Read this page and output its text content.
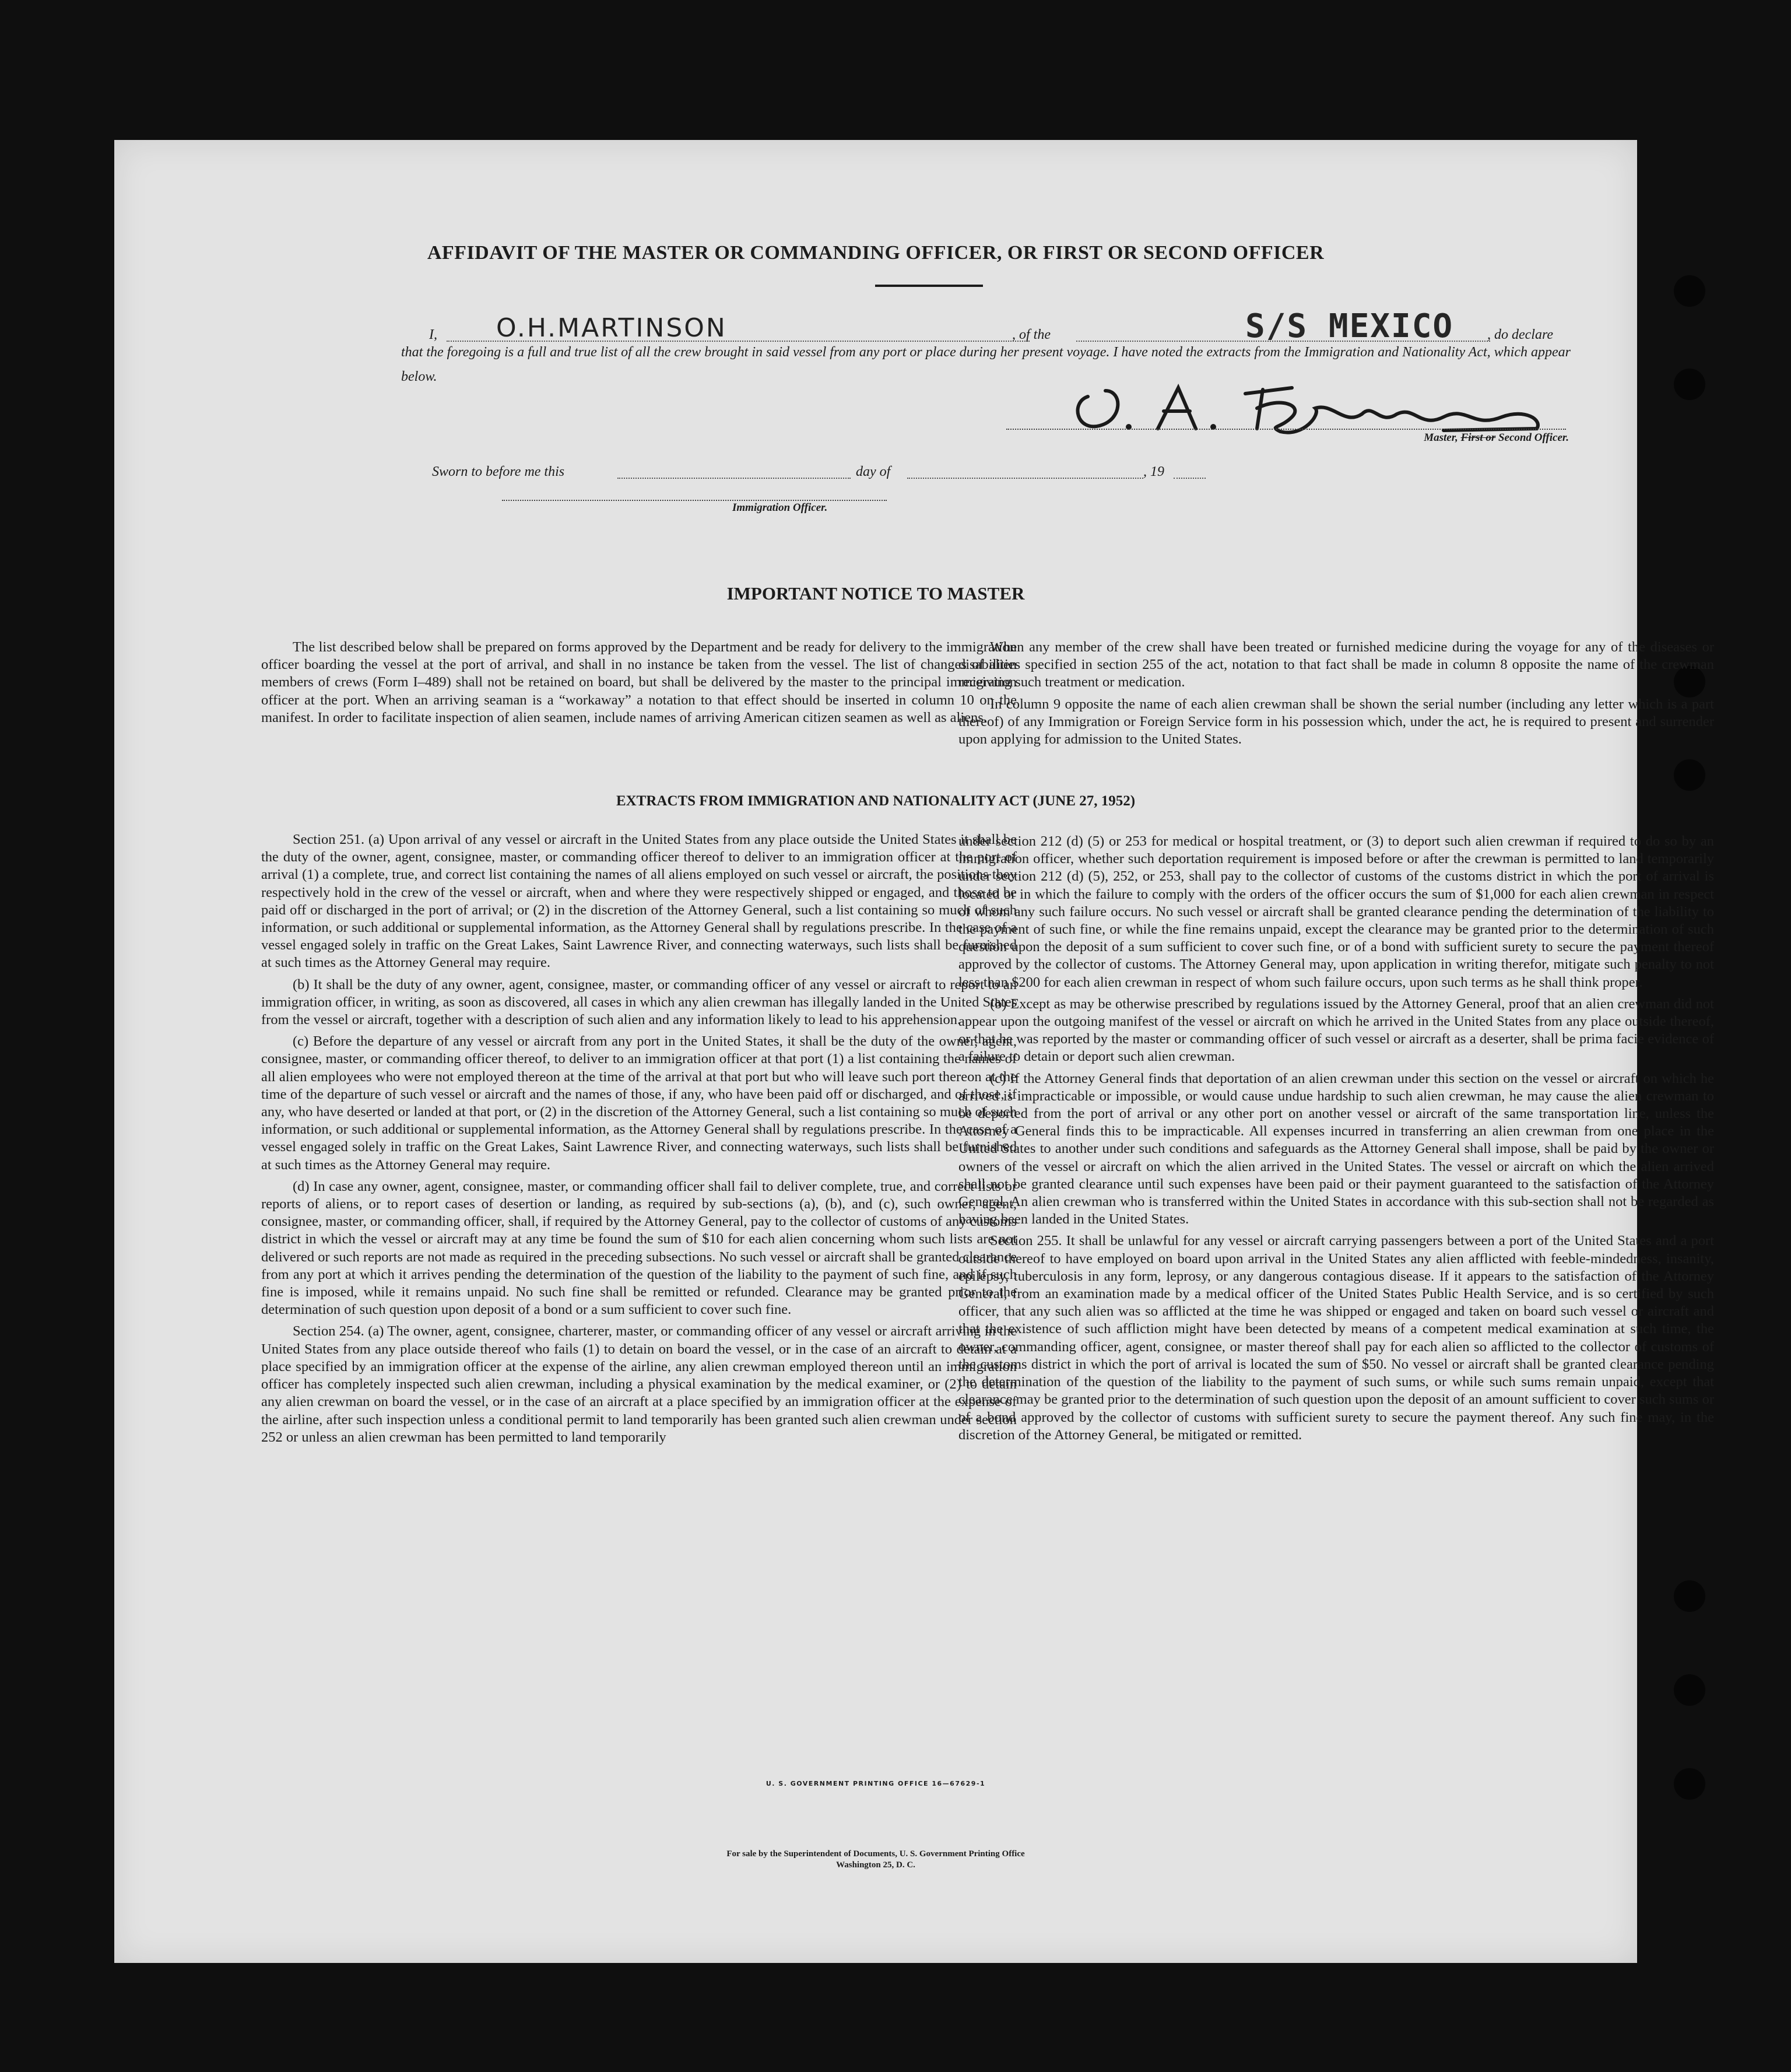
AFFIDAVIT OF THE MASTER OR COMMANDING OFFICER, OR FIRST OR SECOND OFFICER
I, O.H.MARTINSON	, of the	S/S MEXICO , do declare
that the foregoing is a full and true list of all the crew brought in said vessel from any port or place during her present voyage. I have noted the extracts from the Immigration and Nationality Act, which appear below.
Master, First or Second Officer.
Sworn to before me this	day of	, 19
Immigration Officer.
IMPORTANT NOTICE TO MASTER

The list described below shall be prepared on forms approved by the Department and be ready for delivery to the immigration officer boarding the vessel at the port of arrival, and shall in no instance be taken from the vessel. The list of changes of alien members of crews (Form I–489) shall not be retained on board, but shall be delivered by the master to the principal immigration officer at the port. When an arriving seaman is a “workaway” a notation to that effect should be inserted in column 10 on the manifest. In order to facilitate inspection of alien seamen, include names of arriving American citizen seamen as well as aliens.

EXTRACTS FROM IMMIGRATION AND NATIONALITY ACT (JUNE 27, 1952)

Section 251. (a) Upon arrival of any vessel or aircraft in the United States from any place outside the United States it shall be the duty of the owner, agent, consignee, master, or commanding officer thereof to deliver to an immigration officer at the port of arrival (1) a complete, true, and correct list containing the names of all aliens employed on such vessel or aircraft, the positions they respectively hold in the crew of the vessel or aircraft, when and where they were respectively shipped or engaged, and those to be paid off or discharged in the port of arrival; or (2) in the discretion of the Attorney General, such a list containing so much of such information, or such additional or supplemental information, as the Attorney General shall by regulations prescribe. In the case of a vessel engaged solely in traffic on the Great Lakes, Saint Lawrence River, and connecting waterways, such lists shall be furnished at such times as the Attorney General may require.

(b) It shall be the duty of any owner, agent, consignee, master, or commanding officer of any vessel or aircraft to report to an immigration officer, in writing, as soon as discovered, all cases in which any alien crewman has illegally landed in the United States from the vessel or aircraft, together with a description of such alien and any information likely to lead to his apprehension.

(c) Before the departure of any vessel or aircraft from any port in the United States, it shall be the duty of the owner, agent, consignee, master, or commanding officer thereof, to deliver to an immigration officer at that port (1) a list containing the names of all alien employees who were not employed thereon at the time of the arrival at that port but who will leave such port thereon at the time of the departure of such vessel or aircraft and the names of those, if any, who have been paid off or discharged, and of those, if any, who have deserted or landed at that port, or (2) in the discretion of the Attorney General, such a list containing so much of such information, or such additional or supplemental information, as the Attorney General shall by regulations prescribe. In the case of a vessel engaged solely in traffic on the Great Lakes, Saint Lawrence River, and connecting waterways, such lists shall be furnished at such times as the Attorney General may require.

(d) In case any owner, agent, consignee, master, or commanding officer shall fail to deliver complete, true, and correct lists or reports of aliens, or to report cases of desertion or landing, as required by sub-sections (a), (b), and (c), such owner, agent, consignee, master, or commanding officer, shall, if required by the Attorney General, pay to the collector of customs of any customs district in which the vessel or aircraft may at any time be found the sum of $10 for each alien concerning whom such lists are not delivered or such reports are not made as required in the preceding subsections. No such vessel or aircraft shall be granted clearance from any port at which it arrives pending the determination of the question of the liability to the payment of such fine, and if such fine is imposed, while it remains unpaid. No such fine shall be remitted or refunded. Clearance may be granted prior to the determination of such question upon deposit of a bond or a sum sufficient to cover such fine.

Section 254. (a) The owner, agent, consignee, charterer, master, or commanding officer of any vessel or aircraft arriving in the United States from any place outside thereof who fails (1) to detain on board the vessel, or in the case of an aircraft to detain at a place specified by an immigration officer at the expense of the airline, any alien crewman employed thereon until an immigration officer has completely inspected such alien crewman, including a physical examination by the medical examiner, or (2) to detain any alien crewman on board the vessel, or in the case of an aircraft at a place specified by an immigration officer at the expense of the airline, after such inspection unless a conditional permit to land temporarily has been granted such alien crewman under section 252 or unless an alien crewman has been permitted to land temporarily

U. S. GOVERNMENT PRINTING OFFICE 16—67629-1
For sale by the Superintendent of Documents, U. S. Government Printing Office
Washington 25, D. C.

When any member of the crew shall have been treated or furnished medicine during the voyage for any of the diseases or disabilities specified in section 255 of the act, notation to that fact shall be made in column 8 opposite the name of the crewman receiving such treatment or medication.

In column 9 opposite the name of each alien crewman shall be shown the serial number (including any letter which is a part thereof) of any Immigration or Foreign Service form in his possession which, under the act, he is required to present and surrender upon applying for admission to the United States.

under section 212 (d) (5) or 253 for medical or hospital treatment, or (3) to deport such alien crewman if required to do so by an immigration officer, whether such deportation requirement is imposed before or after the crewman is permitted to land temporarily under section 212 (d) (5), 252, or 253, shall pay to the collector of customs of the customs district in which the port of arrival is located or in which the failure to comply with the orders of the officer occurs the sum of $1,000 for each alien crewman in respect of whom any such failure occurs. No such vessel or aircraft shall be granted clearance pending the determination of the liability to the payment of such fine, or while the fine remains unpaid, except the clearance may be granted prior to the determination of such question upon the deposit of a sum sufficient to cover such fine, or of a bond with sufficient surety to secure the payment thereof approved by the collector of customs. The Attorney General may, upon application in writing therefor, mitigate such penalty to not less than $200 for each alien crewman in respect of whom such failure occurs, upon such terms as he shall think proper.

(b) Except as may be otherwise prescribed by regulations issued by the Attorney General, proof that an alien crewman did not appear upon the outgoing manifest of the vessel or aircraft on which he arrived in the United States from any place outside thereof, or that he was reported by the master or commanding officer of such vessel or aircraft as a deserter, shall be prima facie evidence of a failure to detain or deport such alien crewman.

(c) If the Attorney General finds that deportation of an alien crewman under this section on the vessel or aircraft on which he arrived is impracticable or impossible, or would cause undue hardship to such alien crewman, he may cause the alien crewman to be deported from the port of arrival or any other port on another vessel or aircraft of the same transportation line, unless the Attorney General finds this to be impracticable. All expenses incurred in transferring an alien crewman from one place in the United States to another under such conditions and safeguards as the Attorney General shall impose, shall be paid by the owner or owners of the vessel or aircraft on which the alien arrived in the United States. The vessel or aircraft on which the alien arrived shall not be granted clearance until such expenses have been paid or their payment guaranteed to the satisfaction of the Attorney General. An alien crewman who is transferred within the United States in accordance with this sub-section shall not be regarded as having been landed in the United States.

Section 255. It shall be unlawful for any vessel or aircraft carrying passengers between a port of the United States and a port outside thereof to have employed on board upon arrival in the United States any alien afflicted with feeble-mindedness, insanity, epilepsy, tuberculosis in any form, leprosy, or any dangerous contagious disease. If it appears to the satisfaction of the Attorney General, from an examination made by a medical officer of the United States Public Health Service, and is so certified by such officer, that any such alien was so afflicted at the time he was shipped or engaged and taken on board such vessel or aircraft and that the existence of such affliction might have been detected by means of a competent medical examination at such time, the owner, commanding officer, agent, consignee, or master thereof shall pay for each alien so afflicted to the collector of customs of the customs district in which the port of arrival is located the sum of $50. No vessel or aircraft shall be granted clearance pending the determination of the question of the liability to the payment of such sums, or while such sums remain unpaid, except that clearance may be granted prior to the determination of such question upon the deposit of an amount sufficient to cover such sums or of a bond approved by the collector of customs with sufficient surety to secure the payment thereof. Any such fine may, in the discretion of the Attorney General, be mitigated or remitted.
